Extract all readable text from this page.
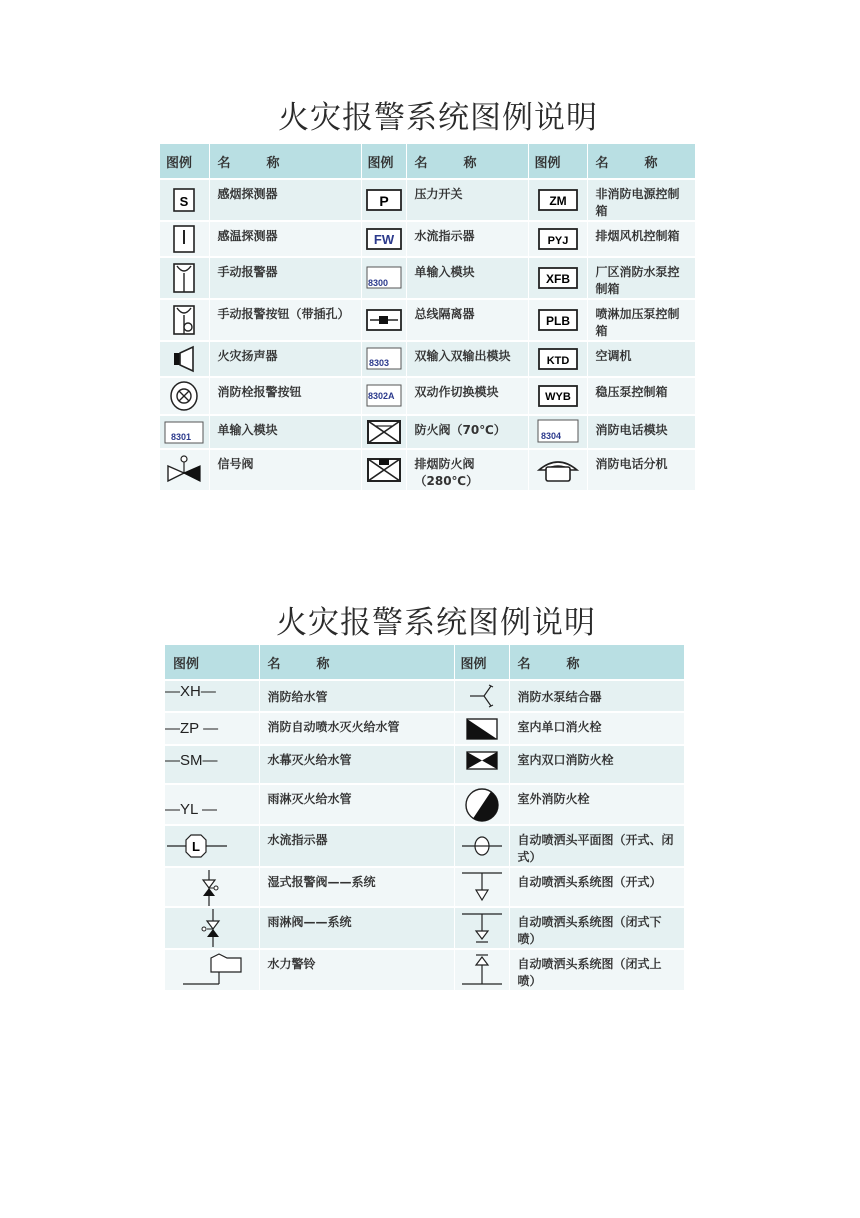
火灾报警系统图例说明
图例	名 称	图例	名 称	图例	名 称

S	感烟探测器	P	压力开关	ZM	非消防电源控制箱
	感温探测器	FW	水流指示器	PYJ	排烟风机控制箱
	手动报警器	8300	单输入模块	XFB	厂区消防水泵控制箱
	手动报警按钮（带插孔）		总线隔离器	PLB	喷淋加压泵控制箱
	火灾扬声器	8303	双输入双输出模块	KTD	空调机
	消防栓报警按钮	8302A	双动作切换模块	WYB	稳压泵控制箱

8301	单输入模块		防火阀（70℃）	8304	消防电话模块
	信号阀		排烟防火阀（280℃）		消防电话分机
火灾报警系统图例说明
图例	名 称	图例	名 称
—XH—	消防给水管		消防水泵结合器
—ZP —	消防自动喷水灭火给水管		室内单口消火栓
—SM—	水幕灭火给水管		室内双口消防火栓
—YL —	雨淋灭火给水管		室外消防火栓

L	水流指示器		自动喷洒头平面图（开式、闭式）
	湿式报警阀——系统		自动喷洒头系统图（开式）
	雨淋阀——系统		自动喷洒头系统图（闭式下喷）
	水力警铃		自动喷洒头系统图（闭式上喷）
